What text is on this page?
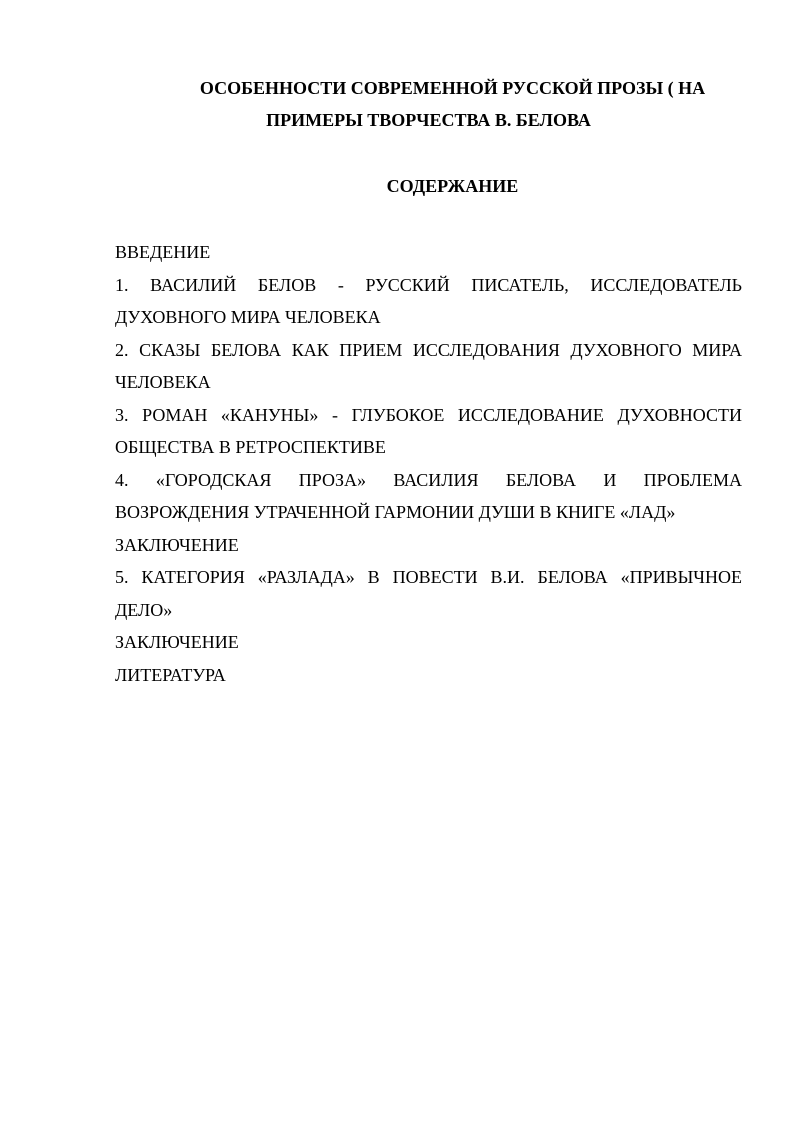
ОСОБЕННОСТИ СОВРЕМЕННОЙ РУССКОЙ ПРОЗЫ ( НА
ПРИМЕРЫ ТВОРЧЕСТВА В. БЕЛОВА
СОДЕРЖАНИЕ

ВВЕДЕНИЕ

1. ВАСИЛИЙ БЕЛОВ - РУССКИЙ ПИСАТЕЛЬ, ИССЛЕДОВАТЕЛЬ ДУХОВНОГО МИРА ЧЕЛОВЕКА

2. СКАЗЫ БЕЛОВА КАК ПРИЕМ ИССЛЕДОВАНИЯ ДУХОВНОГО МИРА ЧЕЛОВЕКА

3. РОМАН «КАНУНЫ» - ГЛУБОКОЕ ИССЛЕДОВАНИЕ ДУХОВНОСТИ ОБЩЕСТВА В РЕТРОСПЕКТИВЕ

4. «ГОРОДСКАЯ ПРОЗА» ВАСИЛИЯ БЕЛОВА И ПРОБЛЕМА ВОЗРОЖДЕНИЯ УТРАЧЕННОЙ ГАРМОНИИ ДУШИ В КНИГЕ «ЛАД»

ЗАКЛЮЧЕНИЕ

5. КАТЕГОРИЯ «РАЗЛАДА» В ПОВЕСТИ В.И. БЕЛОВА «ПРИВЫЧНОЕ ДЕЛО»

ЗАКЛЮЧЕНИЕ

ЛИТЕРАТУРА
